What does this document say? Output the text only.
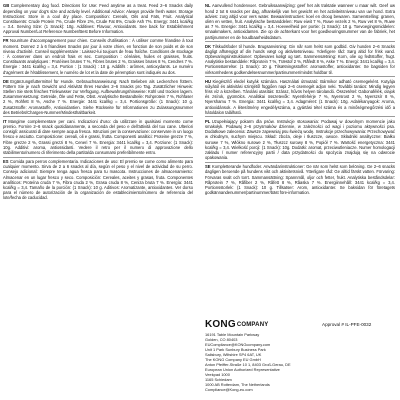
GB Complementary dog food. Directions for Use: Feed anytime as a treat. Feed 2–6 Snacks daily depending on your dog's size and activity level. Additional Advice: Always provide fresh water. Storage Instructions: Store in a cool dry place. Composition: Cereals, Oils and Fats, Fruit. Analytical Constituents: Crude Protein 7%, Crude Fibre 2%, Crude Fat 8%, Crude Ash 7%. Energy: 3441 kcal/kg = 3.4. Serving Size: (1 Snack): 10g. Additives: Flavour, Antioxidants. See back for Establishment Approval Number/Lot Reference Number/Best Before Information.
FR Nourriture d'accompagnement pour chien. Conseils d'utilisation : À utiliser comme friandise à tout moment. Donnez 2 à 6 friandises Snacks par jour à votre chien, en fonction de son poids et de son niveau d'activité. Conseil supplémentaire : Laissez-lui toujours de l'eau fraîche. Conditions de stockage : À conserver dans un endroit frais et sec. Composition : céréales, huiles et graisses, fruits. Constituants analytiques : Protéines brutes 7 %, Fibres brutes 2 %, Graisses brutes 8 %, Cendres 7 %. Énergie : 3441 kcal/kg = 3,4. Portion : (1 Snack) : 10 g. Additifs : arômes, antioxydants. Le numéro d'agrément de l'établissement, le numéro de lot et la date de péremption sont indiqués au dos.
DE Ergänzungsfuttermittel für Hunde. Gebrauchsanweisung: Nach Belieben als Leckerchen füttern. Füttern Sie je nach Gewicht und Aktivität Ihres Hundes 2–6 Snacks pro Tag. Zusätzlicher Hinweis: Stellen Sie stets frisches Trinkwasser zur Verfügung. Aufbewahrungshinweise: Kühl und trocken lagern. Zusammensetzung: Getreide, Öle und Fette, Obst. Analytische Bestandteile: Rohprotein 7 %, Rohfaser 2 %, Rohfett 8 %, Asche 7 %. Energie: 3441 kcal/kg = 3,4. Portionsgröße: (1 Snack): 10 g. Zusatzstoffe: Aromastoffe, Antioxidantien. Siehe Rückseite für Informationen zu Zulassungsnummer des Betriebs/Chargen-Nummer/Mindesthaltbarkeit.
IT Mangime complementare per cani. Indicazioni d'uso: da utilizzare in qualsiasi momento come premio. Fornire 2–6 snack quotidianamente, a seconda del peso e dell'attività del tuo cane. Ulteriori consigli: assicurati di dare sempre acqua fresca. Istruzioni per la conservazione: conservare in un luogo fresco e asciutto. Composizione: cereali, oli e grassi, frutta. Componenti analitici: Proteine grezze 7 %, Fibre grezze 2 %, Grassi grezzi 8 %, Ceneri 7 %. Energia: 3441 kcal/kg = 3,4. Porzione: (1 Snack): 10g. Additivi: aroma, antiossidanti. Vedere il retro per il numero di approvazione dello stabilimento/numero di riferimento della partita/da consumarsi preferibilmente entro.
ES Comida para perros complementaria. Indicaciones de uso: El premio se come como alimento para cualquier momento. Sirva de 2 a 6 snacks al día, según el peso y el nivel de actividad de su perro. Consejo adicional: Siempre tenga agua fresca para tu mascota. Instrucciones de almacenamiento: Almacenar en un lugar fresco y seco. Composición: Cereales, aceites y grasas, fruta. Componentes analíticos: Proteína cruda 7 %, Fibra cruda 2 %, Grasa cruda 8 %, Ceniza bruta 7 %. Energía: 3441 kcal/kg = 3,4. Tamaño de la porción: (1 Snack): 10 g. Aditivos: Aromatizante, antioxidantes. Ver dorso para el número de autorización de la organización de establecimiento/número de referencia del lote/fecha de caducidad.
NL Aanvullend hondenvoer. Gebruiksaanwijzing: geef het als traktatie wanneer u maar wilt. Geef uw hond 2 tot 6 snacks per dag, afhankelijk van het gewicht en het activiteitsniveau van uw hond. Extra advies: zorg altijd voor vers water. Bewaarinstructies: koel en droog bewaren. Samenstelling: granen, oliën en vetten, fruit. Analytische bestanddelen: Ruw eiwit 7 %, Ruwe vezels 2 %, Ruw vet 8 %, Ruwe as 7 %. Energie: 3441 kcal/kg = 3,4. Hoeveelheid per portie: (1 Snack): 10 g. Toevoegingsmiddelen: smaakmakers, antioxidanten. Zie op de achterkant voor het goedkeuringsnummer van de fabriek, het partijnummer en de houdbaarheidsdatum.
DK Tilskudsfoder til hunde. Brugsanvisning: Giv når som helst som godbid. Giv hunden 2–6 Snacks dagligt afhængigt af din hunds vægt og aktivitetsniveau. Yderligere råd: Sørg altid for frisk vand. Opbevaringsinstruktioner: Opbevares køligt og tørt. Sammensætning: Korn, olie og fedtstoffer, frugt. Analytiske bestanddele: Råprotein 7 %, Træstof 2 %, Råfedt 8 %, Aske 7 %. Energi: 3441 kcal/kg = 3,4. Portionsstørrelse: (1 Snack): 10 g. Tilsætningsstoffer: aromastoffer, antioxidanter. Se bagsiden for virksomhedens godkendelsesnummer/partinummer/mindst holdbar til.
HU Kiegészítő eledel kutyák számára. Használati útmutató: Bármikor adható csemegeként. Kutyája súlyától és aktivitási szintjétől függően napi 2–6 csemegét adjon neki. További tanács: Mindig legyen friss víz a közelben. Tárolási utasítás: Száraz, hűvös helyen tárolandó. Összetétel: Gabonafélék, olajok és zsírok, gyümölcs. Analitikai összetevők: Nyersfehérje 7 %, Nyersrost 2 %, Nyerszsír 8 %, Nyershamu 7 %. Energia: 3441 kcal/kg = 3,4. Adagméret: (1 Snack): 10g. Adalékanyagok: Aroma, antioxidánsok. A létesítmény engedélyszáma, a gyártási tétel száma és a minőségmegőrzési idő a hátoldalon található.
PL Uzupełniający pokarm dla psów. Instrukcje stosowania: Podawaj w dowolnym momencie jako smakołyk. Podawaj 2–6 przysmaków dziennie, w zależności od wagi i poziomu aktywności psa. Dodatkowe zalecenia: Zawsze zapewniaj psu świeżą wodę. Instrukcje przechowywania: Przechowywać w chłodnym, suchym miejscu. Skład: zboża, oleje i tłuszcze, owoce. Składniki analityczne: Białko surowe 7 %, Włókno surowe 2 %, Tłuszcz surowy 8 %, Popiół 7 %. Wartość energetyczna: 3441 kcal/kg = 3,4. Wielkość porcji: (1 Snack): 10g. Dodatki: aromat, przeciwutleniacze. Numer homologacji zakładu / numer referencyjny partii / data przydatności do spożycia znajdują się na odwrocie opakowania.
SE Kompletterande hundfoder. Användarinstruktioner: Ge när som helst som belöning. Ge 2–6 snacks dagligen beroende på hundens vikt och aktivitetsnivå. Ytterligare råd: Ge alltid färskt vatten. Förvaring: Förvaras svalt och torrt. Sammansättning: Spannmål, oljor och fetter, frukt. Analytiska beståndsdelar: Råprotein 7 %, Råfiber 2 %, Råfett 8 %, Råaska 7 %. Energiinnehåll: 3441 kcal/kg = 3,4. Portionsstorlek: (1 Snack): 10 g. Tillsatser: Arom, antioxidanter. Se baksidan för företagets godkännandenummer/partinummer/bäst före-information.
KONGCOMPANY	Approval # IL-PFE-0032
16191 Table Mountain Parkway
Golden, CO 80403
EUCompliance@KONGcompany.com
Unit 1 Park Sunbury Business Park
Salisbury, Wiltshire SP4 6AT, UK
The KONG Company EU GmbH
Anton Pfeiffer-Straße 10 1, 8403 Groß-Gerau, DE
European Union Authorized Representative
Veekpad 1000
1165 Schiedam
1000 AB Rotterdam, The Netherlands
Compliance@Kong-eu.com
